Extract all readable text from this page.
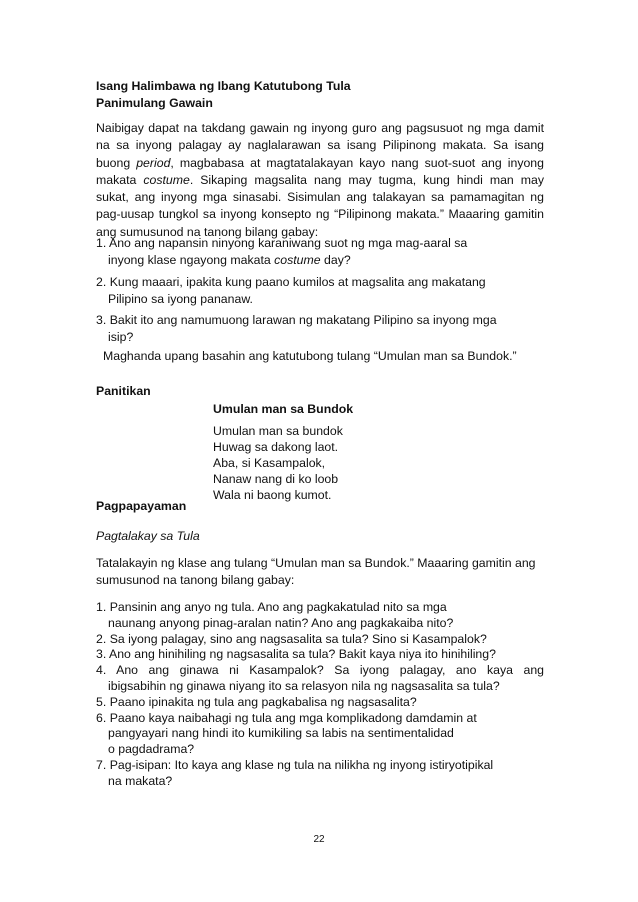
Isang Halimbawa ng Ibang Katutubong Tula
Panimulang Gawain
Naibigay dapat na takdang gawain ng inyong guro ang pagsusuot ng mga damit na sa inyong palagay ay naglalarawan sa isang Pilipinong makata. Sa isang buong period, magbabasa at magtatalakayan kayo nang suot-suot ang inyong makata costume. Sikaping magsalita nang may tugma, kung hindi man may sukat, ang inyong mga sinasabi. Sisimulan ang talakayan sa pamamagitan ng pag-uusap tungkol sa inyong konsepto ng “Pilipinong makata.” Maaaring gamitin ang sumusunod na tanong bilang gabay:
1. Ano ang napansin ninyong karaniwang suot ng mga mag-aaral sa
inyong klase ngayong makata costume day?
2. Kung maaari, ipakita kung paano kumilos at magsalita ang makatang
Pilipino sa iyong pananaw.
3. Bakit ito ang namumuong larawan ng makatang Pilipino sa inyong mga
isip?
Maghanda upang basahin ang katutubong tulang “Umulan man sa Bundok.”
Panitikan
Umulan man sa Bundok
Umulan man sa bundok
Huwag sa dakong laot.
Aba, si Kasampalok,
Nanaw nang di ko loob
Wala ni baong kumot.
Pagpapayaman
Pagtalakay sa Tula
Tatalakayin ng klase ang tulang “Umulan man sa Bundok.” Maaaring gamitin ang sumusunod na tanong bilang gabay:
1. Pansinin ang anyo ng tula. Ano ang pagkakatulad nito sa mga
naunang anyong pinag-aralan natin? Ano ang pagkakaiba nito?
2. Sa iyong palagay, sino ang nagsasalita sa tula? Sino si Kasampalok?
3. Ano ang hinihiling ng nagsasalita sa tula? Bakit kaya niya ito hinihiling?
4. Ano ang ginawa ni Kasampalok? Sa iyong palagay, ano kaya ang
ibigsabihin ng ginawa niyang ito sa relasyon nila ng nagsasalita sa tula?
5. Paano ipinakita ng tula ang pagkabalisa ng nagsasalita?
6. Paano kaya naibahagi ng tula ang mga komplikadong damdamin at
pangyayari nang hindi ito kumikiling sa labis na sentimentalidad
o pagdadrama?
7. Pag-isipan: Ito kaya ang klase ng tula na nilikha ng inyong istiryotipikal
na makata?
22
